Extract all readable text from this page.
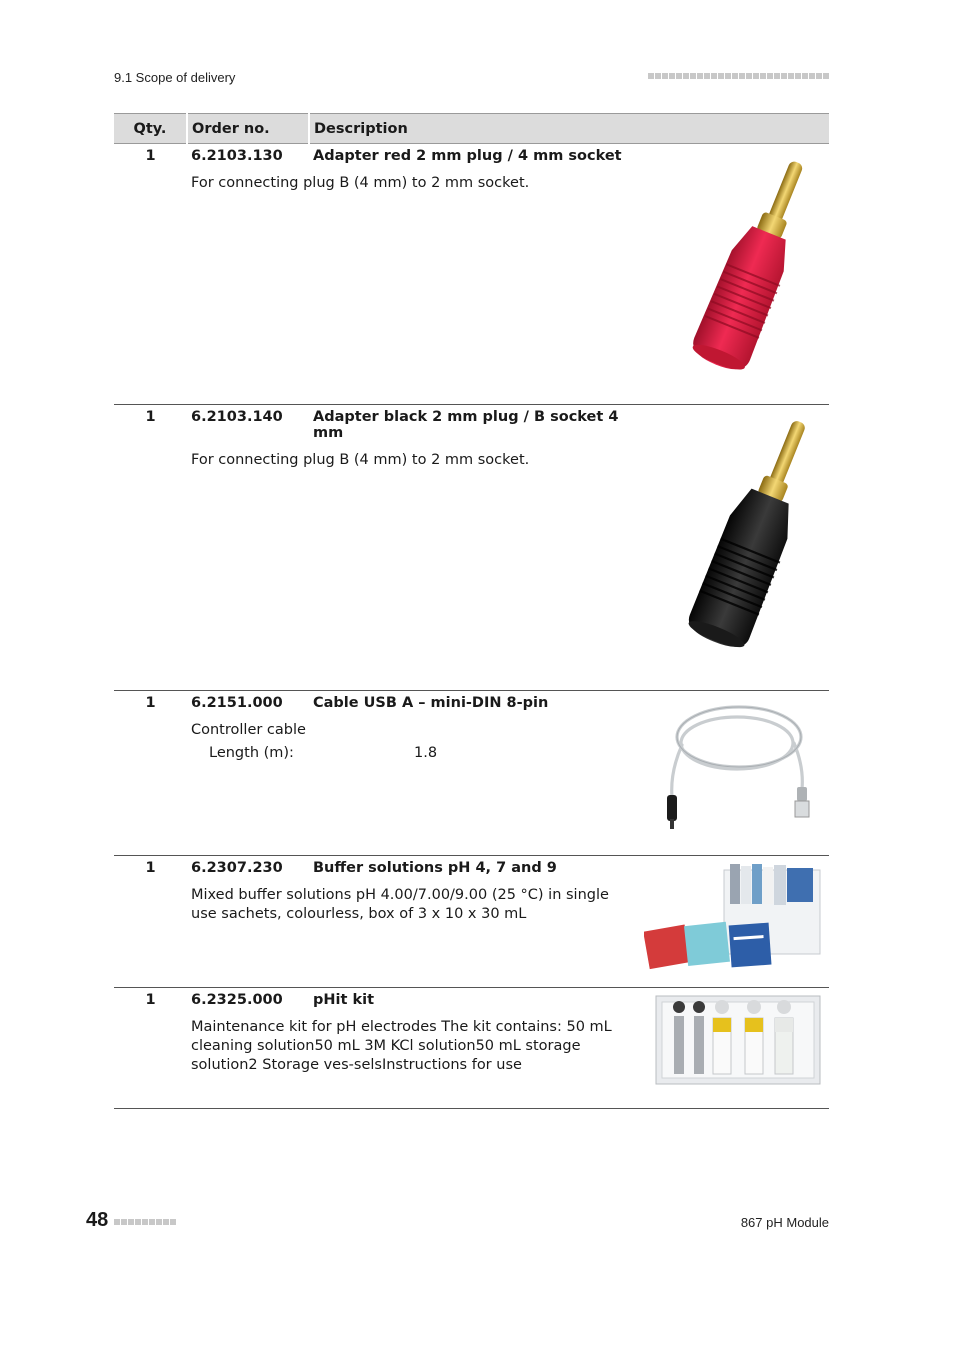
9.1 Scope of delivery
Qty.	Order no.	Description	
1	6.2103.130	Adapter red 2 mm plug / 4 mm socket
For connecting plug B (4 mm) to 2 mm socket.

1	6.2103.140	Adapter black 2 mm plug / B socket 4 mm
For connecting plug B (4 mm) to 2 mm socket.

1	6.2151.000	Cable USB A – mini-DIN 8-pin
Controller cable
Length (m): 1.8

1	6.2307.230	Buffer solutions pH 4, 7 and 9
Mixed buffer solutions pH 4.00/7.00/9.00 (25 °C) in single use sachets, colourless, box of 3 x 10 x 30 mL

1	6.2325.000	pHit kit
Maintenance kit for pH electrodes The kit contains: 50 mL cleaning solution50 mL 3M KCl solution50 mL storage solution2 Storage ves-selsInstructions for use

48	867 pH Module
